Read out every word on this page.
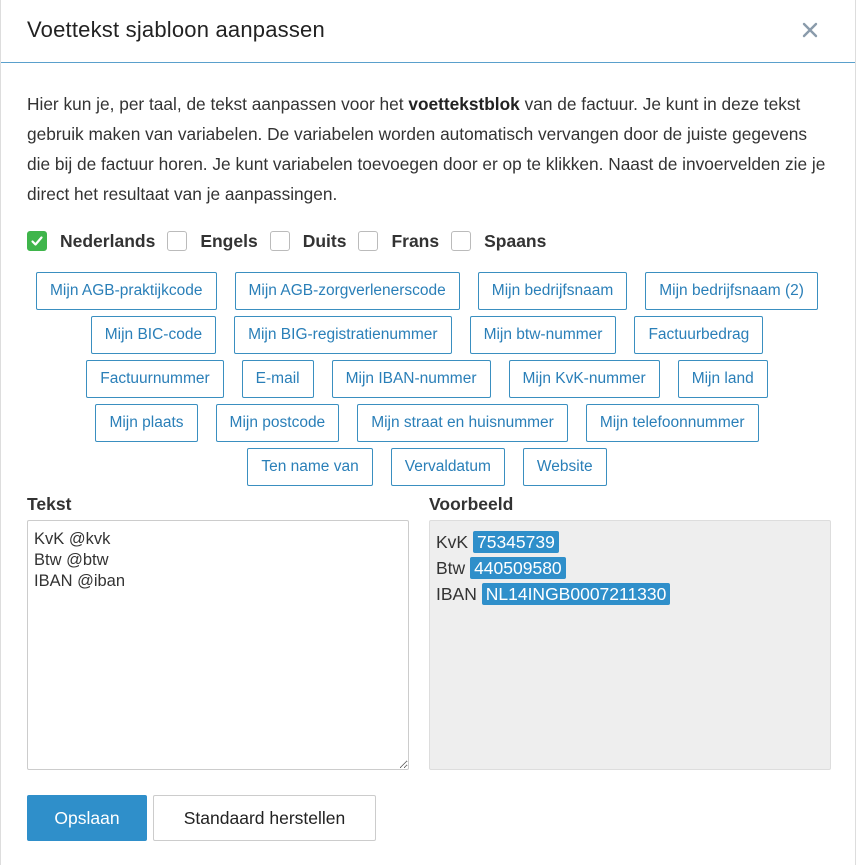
Voettekst sjabloon aanpassen
Hier kun je, per taal, de tekst aanpassen voor het voettekstblok van de factuur. Je kunt in deze tekst gebruik maken van variabelen. De variabelen worden automatisch vervangen door de juiste gegevens die bij de factuur horen. Je kunt variabelen toevoegen door er op te klikken. Naast de invoervelden zie je direct het resultaat van je aanpassingen.
Nederlands	Engels	Duits	Frans	Spaans
Mijn AGB-praktijkcode	Mijn AGB-zorgverlenerscode	Mijn bedrijfsnaam	Mijn bedrijfsnaam (2)
Mijn BIC-code	Mijn BIG-registratienummer	Mijn btw-nummer	Factuurbedrag
Factuurnummer	E-mail	Mijn IBAN-nummer	Mijn KvK-nummer	Mijn land
Mijn plaats	Mijn postcode	Mijn straat en huisnummer	Mijn telefoonnummer
Ten name van	Vervaldatum	Website
Tekst	Voorbeeld
KvK @kvk Btw @btw IBAN @iban
KvK 75345739
Btw 440509580
IBAN NL14INGB0007211330
Opslaan	Standaard herstellen
